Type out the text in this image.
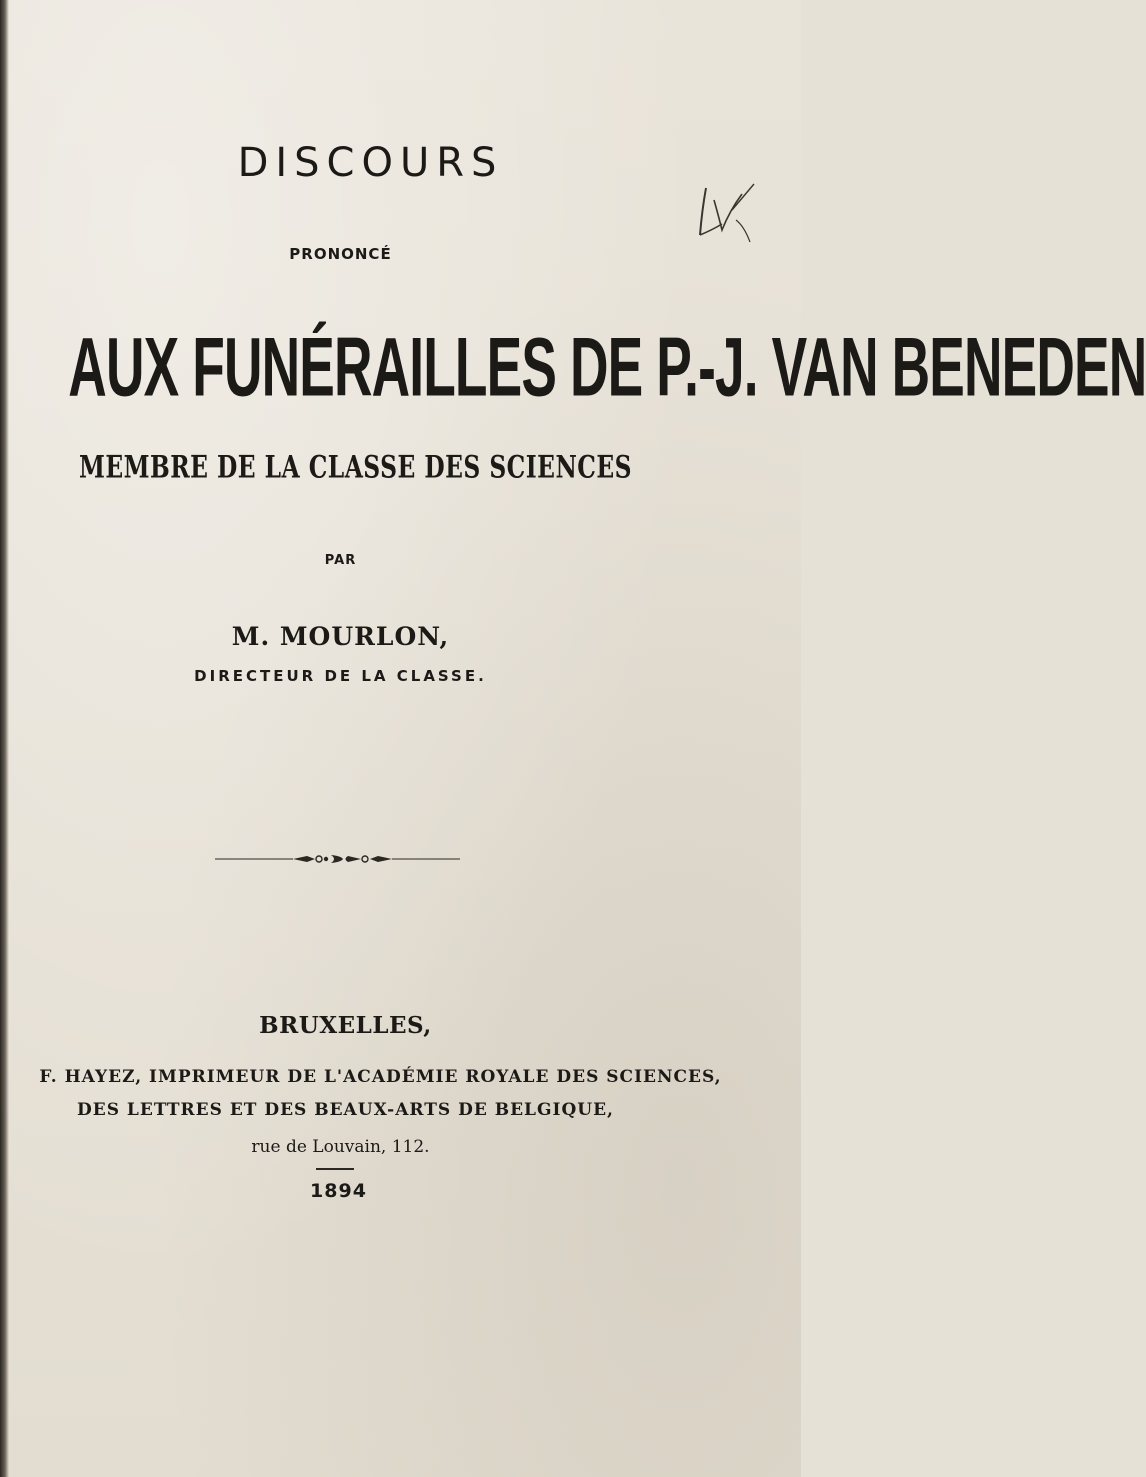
DISCOURS
PRONONCÉ
AUX FUNÉRAILLES DE P.-J. VAN BENEDEN
MEMBRE DE LA CLASSE DES SCIENCES
PAR
M. MOURLON,
DIRECTEUR DE LA CLASSE.
BRUXELLES,
F. HAYEZ, IMPRIMEUR DE L'ACADÉMIE ROYALE DES SCIENCES,
DES LETTRES ET DES BEAUX-ARTS DE BELGIQUE,
rue de Louvain, 112.
1894
